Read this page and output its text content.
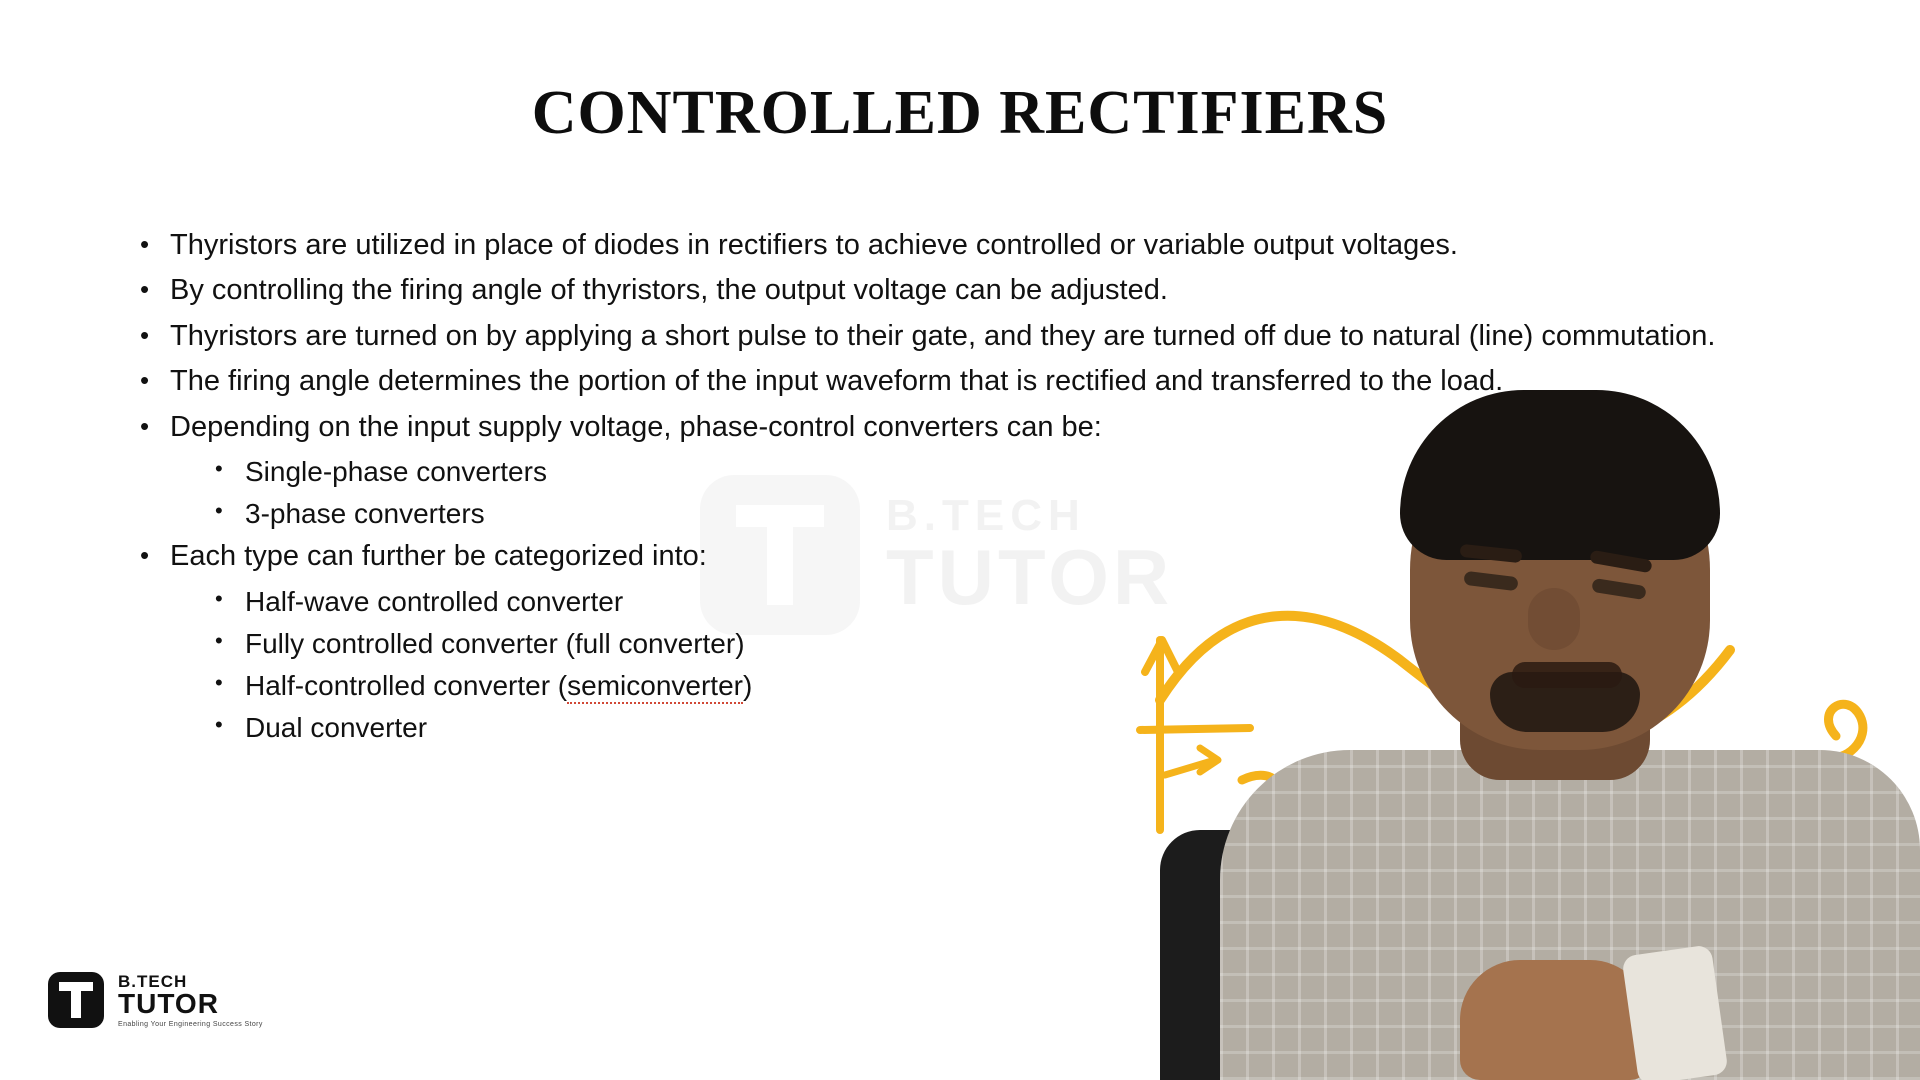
CONTROLLED RECTIFIERS
B.TECH
TUTOR
• Thyristors are utilized in place of diodes in rectifiers to achieve controlled or variable output voltages.
• By controlling the firing angle of thyristors, the output voltage can be adjusted.
• Thyristors are turned on by applying a short pulse to their gate, and they are turned off due to natural (line) commutation.
• The firing angle determines the portion of the input waveform that is rectified and transferred to the load.
• Depending on the input supply voltage, phase-control converters can be:
• Single-phase converters
• 3-phase converters
• Each type can further be categorized into:
• Half-wave controlled converter
• Fully controlled converter (full converter)
• Half-controlled converter (semiconverter)
• Dual converter
B.TECH
TUTOR
Enabling Your Engineering Success Story
